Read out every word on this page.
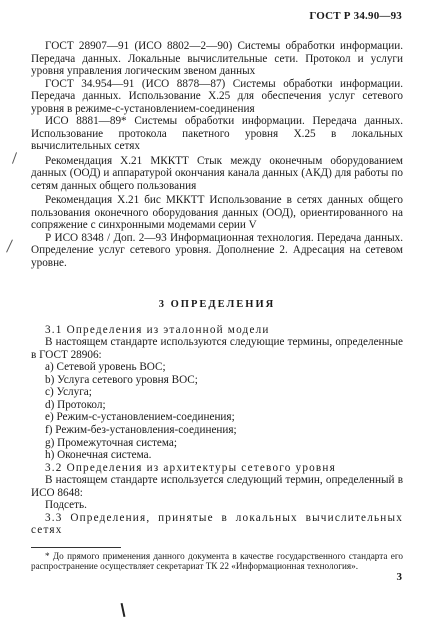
ГОСТ Р 34.90—93
ГОСТ 28907—91 (ИСО 8802—2—90) Системы обработки информации. Передача данных. Локальные вычислительные сети. Протокол и услуги уровня управления логическим звеном данных
ГОСТ 34.954—91 (ИСО 8878—87) Системы обработки информации. Передача данных. Использование Х.25 для обеспечения услуг сетевого уровня в режиме-с-установлением-соединения
ИСО 8881—89* Системы обработки информации. Передача данных. Использование протокола пакетного уровня Х.25 в локальных вычислительных сетях
Рекомендация Х.21 МККТТ Стык между оконечным оборудованием данных (ООД) и аппаратурой окончания канала данных (АКД) для работы по сетям данных общего пользования
Рекомендация Х.21 бис МККТТ Использование в сетях данных общего пользования оконечного оборудования данных (ООД), ориентированного на сопряжение с синхронными модемами серии V
Р ИСО 8348 / Доп. 2—93 Информационная технология. Передача данных. Определение услуг сетевого уровня. Дополнение 2. Адресация на сетевом уровне.
3 ОПРЕДЕЛЕНИЯ
3.1 Определения из эталонной модели
В настоящем стандарте используются следующие термины, определенные в ГОСТ 28906:
a) Сетевой уровень ВОС;
b) Услуга сетевого уровня ВОС;
c) Услуга;
d) Протокол;
e) Режим-с-установлением-соединения;
f) Режим-без-установления-соединения;
g) Промежуточная система;
h) Оконечная система.
3.2 Определения из архитектуры сетевого уровня
В настоящем стандарте используется следующий термин, определенный в ИСО 8648:
Подсеть.
3.3 Определения, принятые в локальных вычислительных сетях
* До прямого применения данного документа в качестве государственного стандарта его распространение осуществляет секретариат ТК 22 «Информационная технология».
3
